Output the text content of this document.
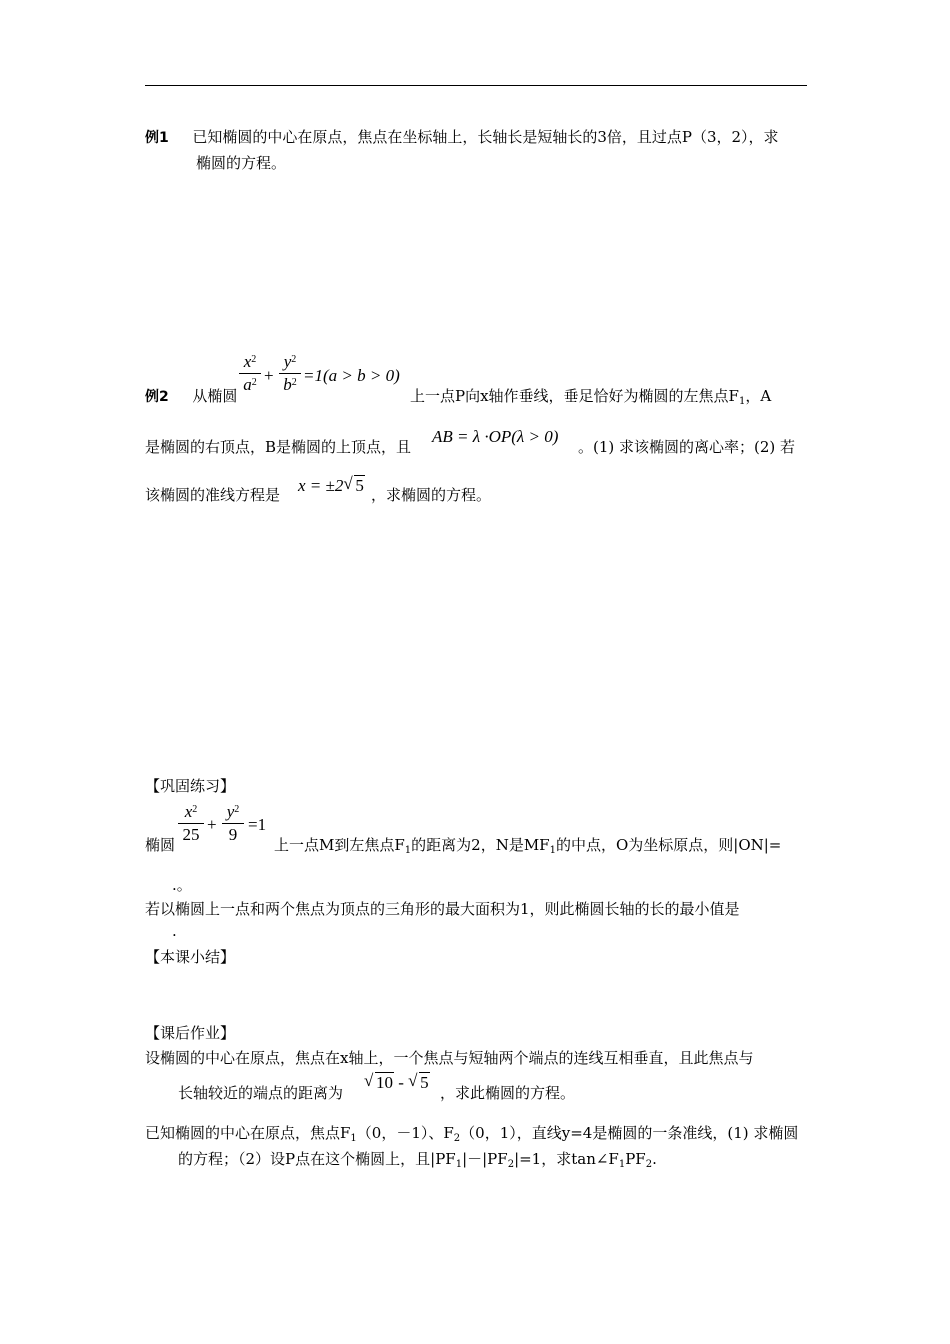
例1 已知椭圆的中心在原点，焦点在坐标轴上，长轴长是短轴长的3倍，且过点P（3，2），求
椭圆的方程。
例2 从椭圆
$x^2$
$a^2$ +
$y^2$
$b^2 =1(a > b > 0)$
上一点P向x轴作垂线，垂足恰好为椭圆的左焦点$F_1$，A
是椭圆的右顶点，B是椭圆的上顶点，且
AB = λ ·OP(λ > 0)
。(1) 求该椭圆的离心率；(2) 若
该椭圆的准线方程是 x = ±2 √ 5 ，求椭圆的方程。
【巩固练习】
椭圆
$x^2$
25
+
$y^2$
9
=1
上一点M到左焦点$F_1$的距离为2，N是$MF_1$的中点，O为坐标原点，则|ON|=
.。
若以椭圆上一点和两个焦点为顶点的三角形的最大面积为1，则此椭圆长轴的长的最小值是
.
【本课小结】
【课后作业】
设椭圆的中心在原点，焦点在x轴上，一个焦点与短轴两个端点的连线互相垂直，且此焦点与
长轴较近的端点的距离为
√ 10 - √ 5
，求此椭圆的方程。
已知椭圆的中心在原点，焦点$F_1(0$，－1）、$F_2(0$，1），直线y=4是椭圆的一条准线，(1) 求椭圆
的方程；（2）设P点在这个椭圆上，且$|PF_1|-|PF_2|=1$，求$\tan\angle F_1PF_2$.
